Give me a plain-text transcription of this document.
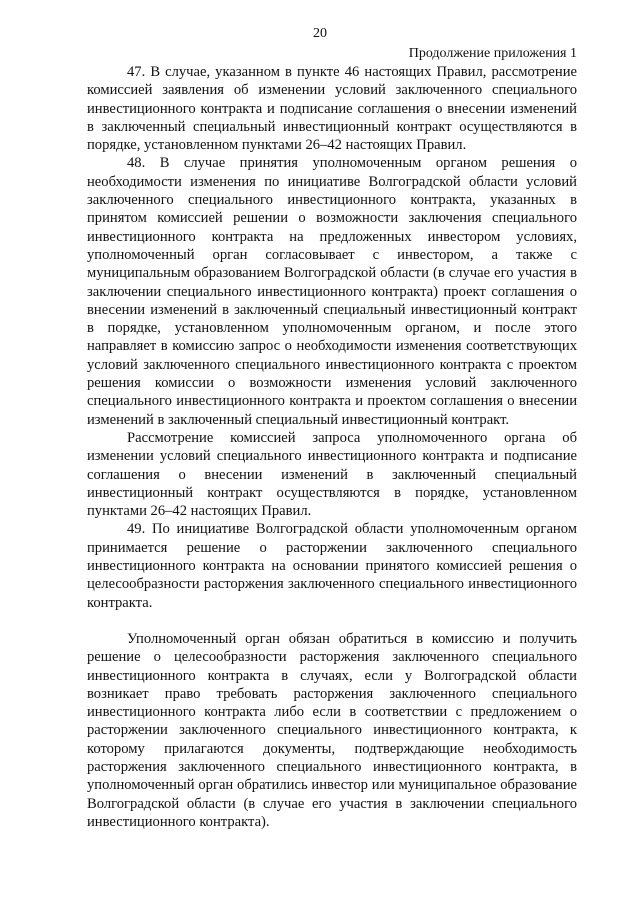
20
Продолжение приложения 1

47. В случае, указанном в пункте 46 настоящих Правил, рассмотрение комиссией заявления об изменении условий заключенного специального инвестиционного контракта и подписание соглашения о внесении изменений в заключенный специальный инвестиционный контракт осуществляются в порядке, установленном пунктами 26–42 настоящих Правил.

48. В случае принятия уполномоченным органом решения о необходимости изменения по инициативе Волгоградской области условий заключенного специального инвестиционного контракта, указанных в принятом комиссией решении о возможности заключения специального инвестиционного контракта на предложенных инвестором условиях, уполномоченный орган согласовывает с инвестором, а также с муниципальным образованием Волгоградской области (в случае его участия в заключении специального инвестиционного контракта) проект соглашения о внесении изменений в заключенный специальный инвестиционный контракт в порядке, установленном уполномоченным органом, и после этого направляет в комиссию запрос о необходимости изменения соответствующих условий заключенного специального инвестиционного контракта с проектом решения комиссии о возможности изменения условий заключенного специального инвестиционного контракта и проектом соглашения о внесении изменений в заключенный специальный инвестиционный контракт.

Рассмотрение комиссией запроса уполномоченного органа об изменении условий специального инвестиционного контракта и подписание соглашения о внесении изменений в заключенный специальный инвестиционный контракт осуществляются в порядке, установленном пунктами 26–42 настоящих Правил.

49. По инициативе Волгоградской области уполномоченным органом принимается решение о расторжении заключенного специального инвестиционного контракта на основании принятого комиссией решения о целесообразности расторжения заключенного специального инвестиционного контракта.

Уполномоченный орган обязан обратиться в комиссию и получить решение о целесообразности расторжения заключенного специального инвестиционного контракта в случаях, если у Волгоградской области возникает право требовать расторжения заключенного специального инвестиционного контракта либо если в соответствии с предложением о расторжении заключенного специального инвестиционного контракта, к которому прилагаются документы, подтверждающие необходимость расторжения заключенного специального инвестиционного контракта, в уполномоченный орган обратились инвестор или муниципальное образование Волгоградской области (в случае его участия в заключении специального инвестиционного контракта).
